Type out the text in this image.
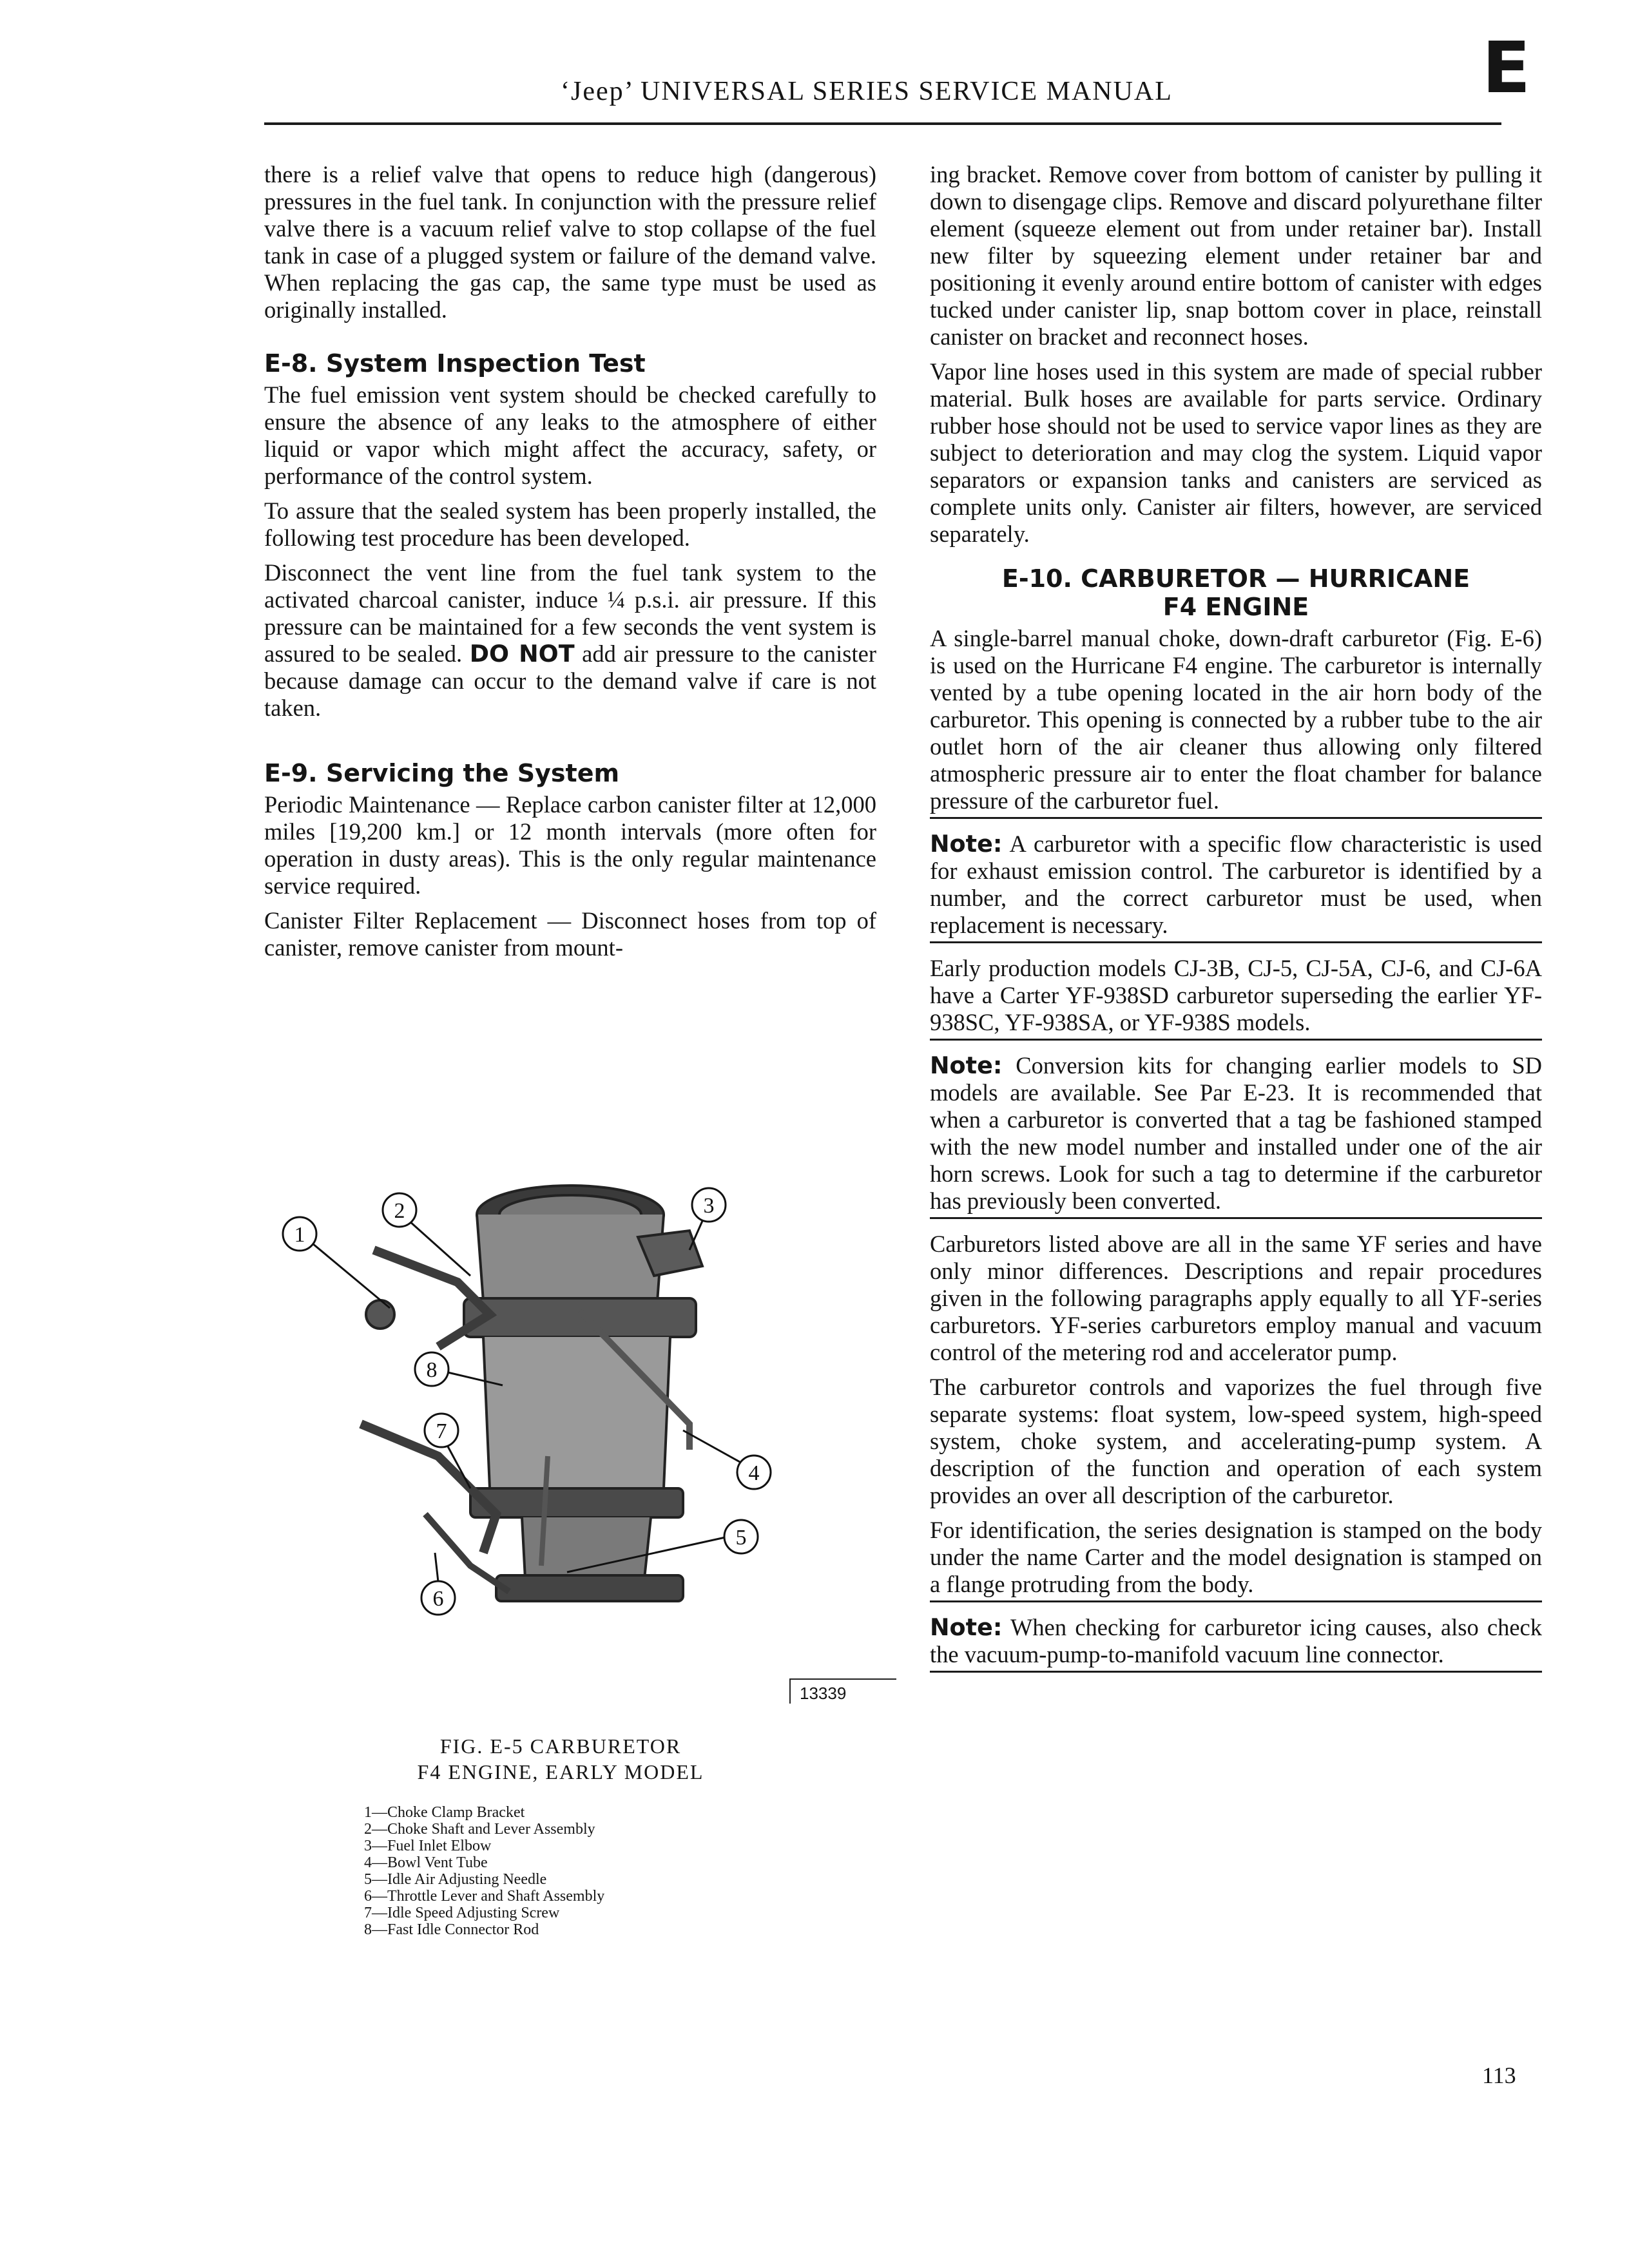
‘Jeep’ UNIVERSAL SERIES SERVICE MANUAL	E

there is a relief valve that opens to reduce high (dangerous) pressures in the fuel tank. In conjunction with the pressure relief valve there is a vacuum relief valve to stop collapse of the fuel tank in case of a plugged system or failure of the demand valve. When replacing the gas cap, the same type must be used as originally installed.

E-8. System Inspection Test

The fuel emission vent system should be checked carefully to ensure the absence of any leaks to the atmosphere of either liquid or vapor which might affect the accuracy, safety, or performance of the control system.

To assure that the sealed system has been properly installed, the following test procedure has been developed.

Disconnect the vent line from the fuel tank system to the activated charcoal canister, induce ¼ p.s.i. air pressure. If this pressure can be maintained for a few seconds the vent system is assured to be sealed. DO NOT add air pressure to the canister because damage can occur to the demand valve if care is not taken.

E-9. Servicing the System

Periodic Maintenance — Replace carbon canister filter at 12,000 miles [19,200 km.] or 12 month intervals (more often for operation in dusty areas). This is the only regular maintenance service required.

Canister Filter Replacement — Disconnect hoses from top of canister, remove canister from mount-

1
2	3
4
5
6
7
8
13339
FIG. E-5 CARBURETOR
F4 ENGINE, EARLY MODEL
1—Choke Clamp Bracket
2—Choke Shaft and Lever Assembly
3—Fuel Inlet Elbow
4—Bowl Vent Tube
5—Idle Air Adjusting Needle
6—Throttle Lever and Shaft Assembly
7—Idle Speed Adjusting Screw
8—Fast Idle Connector Rod

ing bracket. Remove cover from bottom of canister by pulling it down to disengage clips. Remove and discard polyurethane filter element (squeeze element out from under retainer bar). Install new filter by squeezing element under retainer bar and positioning it evenly around entire bottom of canister with edges tucked under canister lip, snap bottom cover in place, reinstall canister on bracket and reconnect hoses.

Vapor line hoses used in this system are made of special rubber material. Bulk hoses are available for parts service. Ordinary rubber hose should not be used to service vapor lines as they are subject to deterioration and may clog the system. Liquid vapor separators or expansion tanks and canisters are serviced as complete units only. Canister air filters, however, are serviced separately.

E-10. CARBURETOR — HURRICANE
F4 ENGINE

A single-barrel manual choke, down-draft carburetor (Fig. E-6) is used on the Hurricane F4 engine. The carburetor is internally vented by a tube opening located in the air horn body of the carburetor. This opening is connected by a rubber tube to the air outlet horn of the air cleaner thus allowing only filtered atmospheric pressure air to enter the float chamber for balance pressure of the carburetor fuel.

Note: A carburetor with a specific flow characteristic is used for exhaust emission control. The carburetor is identified by a number, and the correct carburetor must be used, when replacement is necessary.

Early production models CJ-3B, CJ-5, CJ-5A, CJ-6, and CJ-6A have a Carter YF-938SD carburetor superseding the earlier YF-938SC, YF-938SA, or YF-938S models.

Note: Conversion kits for changing earlier models to SD models are available. See Par E-23. It is recommended that when a carburetor is converted that a tag be fashioned stamped with the new model number and installed under one of the air horn screws. Look for such a tag to determine if the carburetor has previously been converted.

Carburetors listed above are all in the same YF series and have only minor differences. Descriptions and repair procedures given in the following paragraphs apply equally to all YF-series carburetors. YF-series carburetors employ manual and vacuum control of the metering rod and accelerator pump.

The carburetor controls and vaporizes the fuel through five separate systems: float system, low-speed system, high-speed system, choke system, and accelerating-pump system. A description of the function and operation of each system provides an over all description of the carburetor.

For identification, the series designation is stamped on the body under the name Carter and the model designation is stamped on a flange protruding from the body.

Note: When checking for carburetor icing causes, also check the vacuum-pump-to-manifold vacuum line connector.

113
